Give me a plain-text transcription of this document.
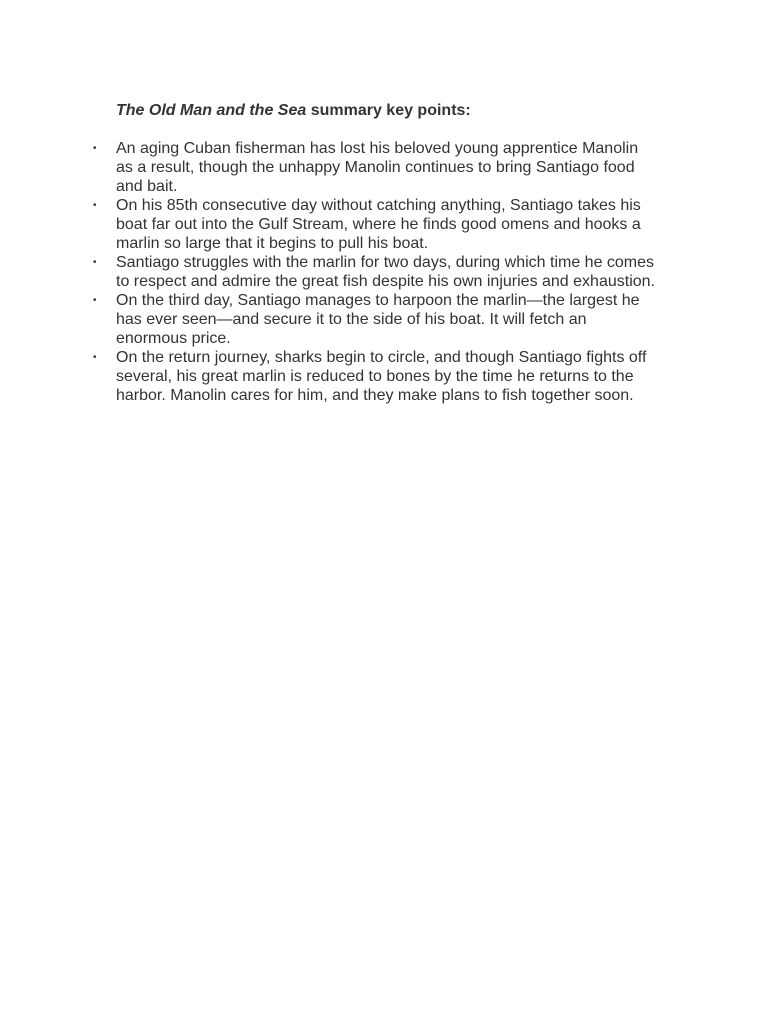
The Old Man and the Sea summary key points:
• An aging Cuban fisherman has lost his beloved young apprentice Manolin as a result, though the unhappy Manolin continues to bring Santiago food and bait.
• On his 85th consecutive day without catching anything, Santiago takes his boat far out into the Gulf Stream, where he finds good omens and hooks a marlin so large that it begins to pull his boat.
• Santiago struggles with the marlin for two days, during which time he comes to respect and admire the great fish despite his own injuries and exhaustion.
• On the third day, Santiago manages to harpoon the marlin—the largest he has ever seen—and secure it to the side of his boat. It will fetch an enormous price.
• On the return journey, sharks begin to circle, and though Santiago fights off several, his great marlin is reduced to bones by the time he returns to the harbor. Manolin cares for him, and they make plans to fish together soon.
